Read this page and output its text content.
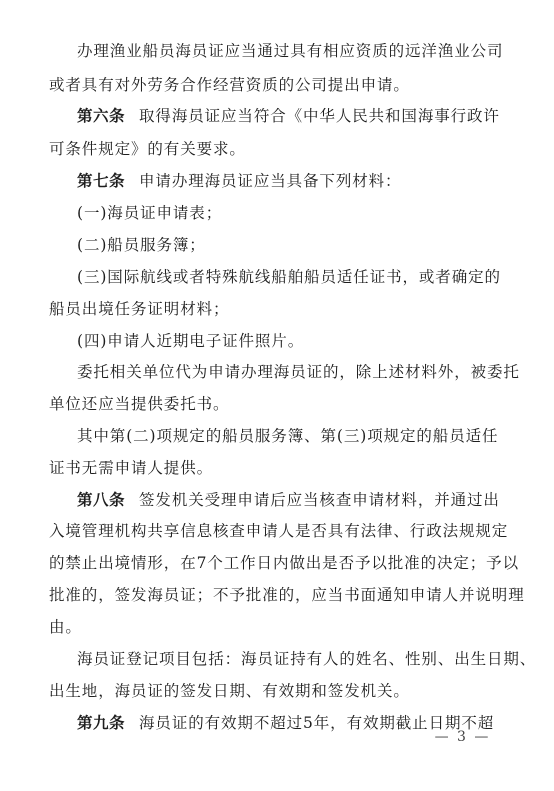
办理渔业船员海员证应当通过具有相应资质的远洋渔业公司
或者具有对外劳务合作经营资质的公司提出申请。
第六条 取得海员证应当符合《中华人民共和国海事行政许
可条件规定》的有关要求。
第七条 申请办理海员证应当具备下列材料：
(一)海员证申请表；
(二)船员服务簿；
(三)国际航线或者特殊航线船舶船员适任证书，或者确定的
船员出境任务证明材料；
(四)申请人近期电子证件照片。
委托相关单位代为申请办理海员证的，除上述材料外，被委托
单位还应当提供委托书。
其中第(二)项规定的船员服务簿、第(三)项规定的船员适任
证书无需申请人提供。
第八条 签发机关受理申请后应当核查申请材料，并通过出
入境管理机构共享信息核查申请人是否具有法律、行政法规规定
的禁止出境情形，在7个工作日内做出是否予以批准的决定；予以
批准的，签发海员证；不予批准的，应当书面通知申请人并说明理
由。
海员证登记项目包括：海员证持有人的姓名、性别、出生日期、
出生地，海员证的签发日期、有效期和签发机关。
第九条 海员证的有效期不超过5年，有效期截止日期不超
— 3 —
